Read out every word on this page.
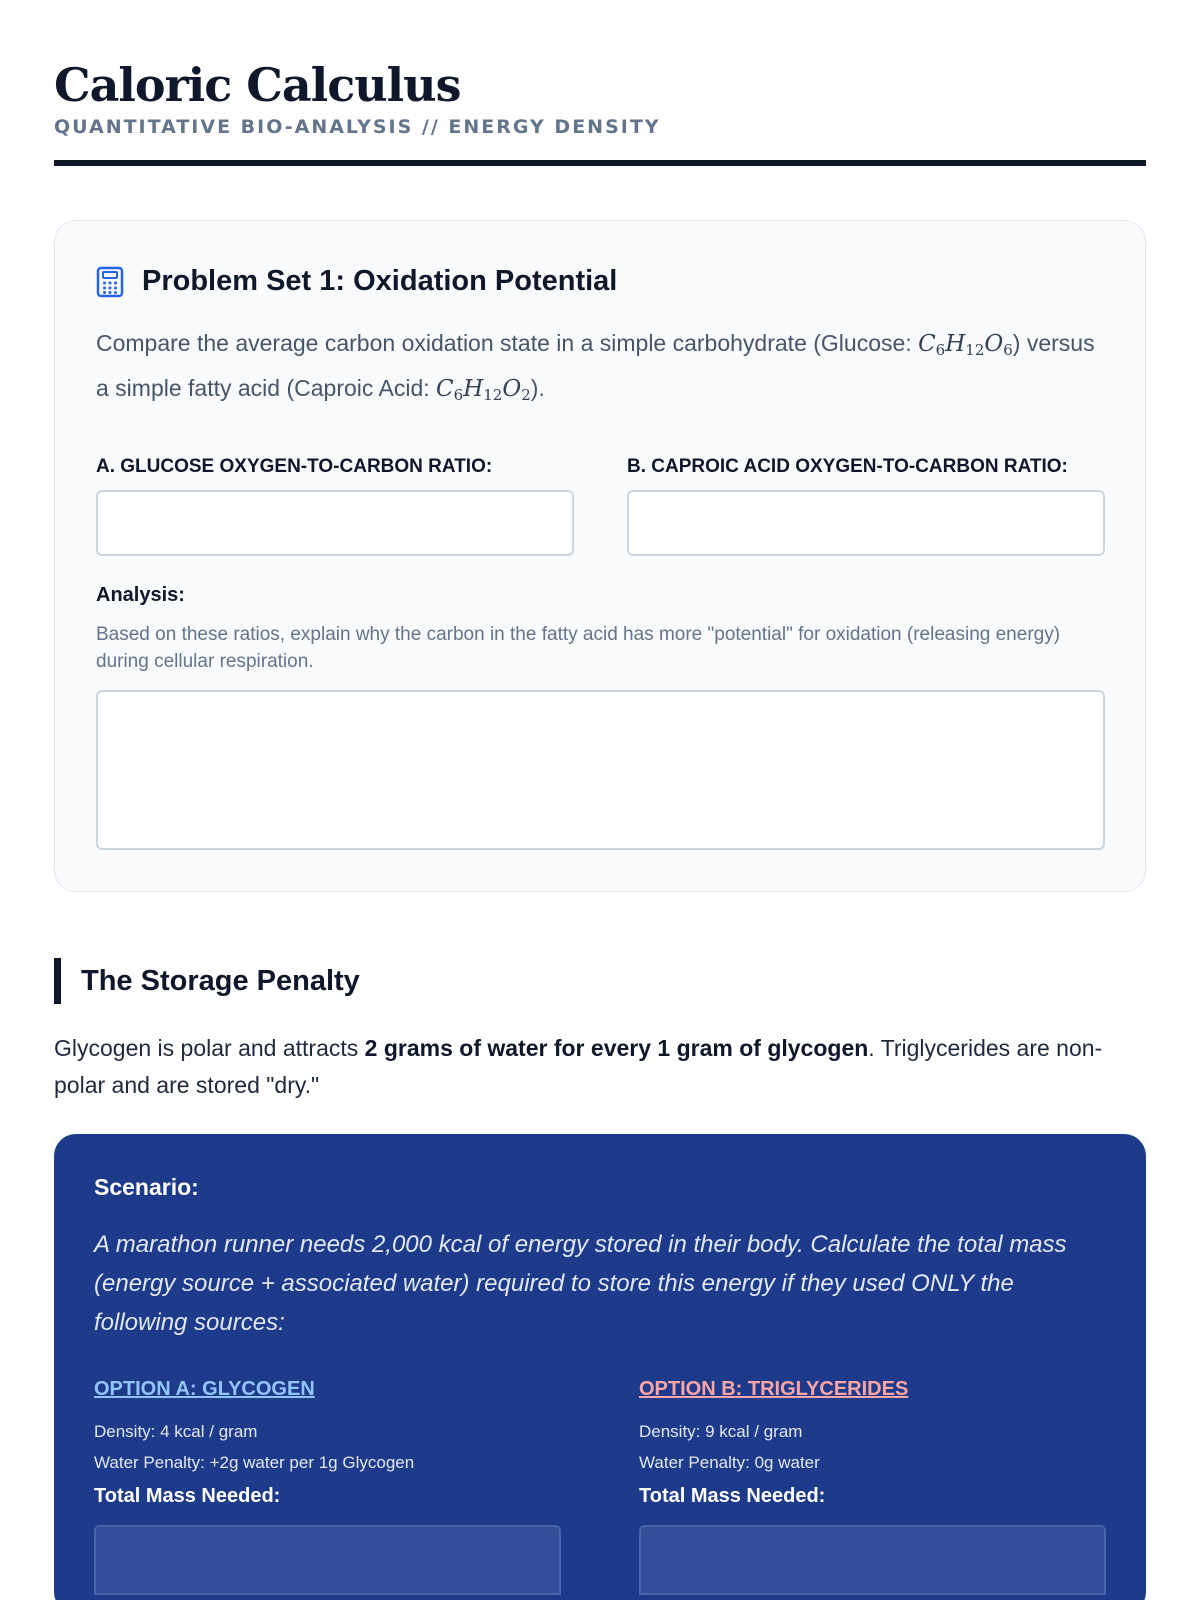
Caloric Calculus
QUANTITATIVE BIO-ANALYSIS // ENERGY DENSITY
Problem Set 1: Oxidation Potential

Compare the average carbon oxidation state in a simple carbohydrate (Glucose: $C_6H_{12}O_6$) versus a simple fatty acid (Caproic Acid: $C_6H_{12}O_2$).

A. GLUCOSE OXYGEN-TO-CARBON RATIO:	B. CAPROIC ACID OXYGEN-TO-CARBON RATIO:
Analysis:
Based on these ratios, explain why the carbon in the fatty acid has more "potential" for oxidation (releasing energy) during cellular respiration.
The Storage Penalty

Glycogen is polar and attracts 2 grams of water for every 1 gram of glycogen. Triglycerides are non-polar and are stored "dry."

Scenario:
A marathon runner needs 2,000 kcal of energy stored in their body. Calculate the total mass (energy source + associated water) required to store this energy if they used ONLY the following sources:
OPTION A: GLYCOGEN
Density: 4 kcal / gram
Water Penalty: +2g water per 1g Glycogen
Total Mass Needed:
OPTION B: TRIGLYCERIDES
Density: 9 kcal / gram
Water Penalty: 0g water
Total Mass Needed:
